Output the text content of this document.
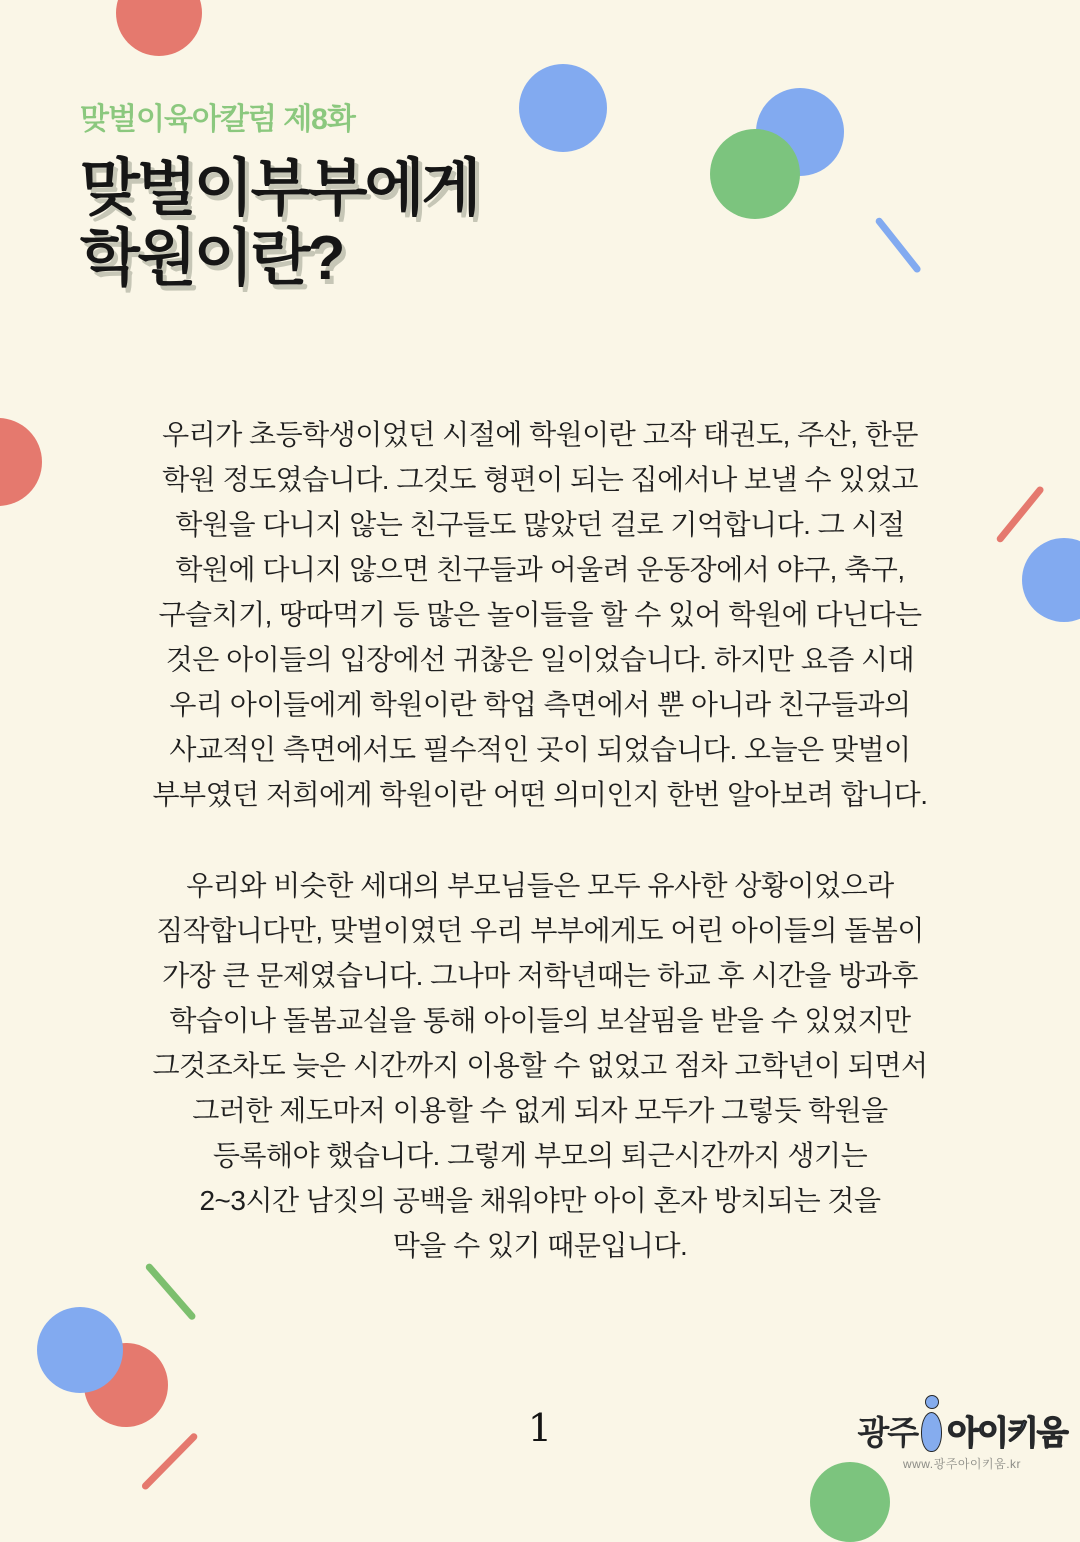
맞벌이육아칼럼 제8화
맞벌이부부에게
학원이란?

우리가 초등학생이었던 시절에 학원이란 고작 태권도, 주산, 한문
학원 정도였습니다. 그것도 형편이 되는 집에서나 보낼 수 있었고
학원을 다니지 않는 친구들도 많았던 걸로 기억합니다. 그 시절
학원에 다니지 않으면 친구들과 어울려 운동장에서 야구, 축구,
구슬치기, 땅따먹기 등 많은 놀이들을 할 수 있어 학원에 다닌다는
것은 아이들의 입장에선 귀찮은 일이었습니다. 하지만 요즘 시대
우리 아이들에게 학원이란 학업 측면에서 뿐 아니라 친구들과의
사교적인 측면에서도 필수적인 곳이 되었습니다. 오늘은 맞벌이
부부였던 저희에게 학원이란 어떤 의미인지 한번 알아보려 합니다.

우리와 비슷한 세대의 부모님들은 모두 유사한 상황이었으라
짐작합니다만, 맞벌이였던 우리 부부에게도 어린 아이들의 돌봄이
가장 큰 문제였습니다. 그나마 저학년때는 하교 후 시간을 방과후
학습이나 돌봄교실을 통해 아이들의 보살핌을 받을 수 있었지만
그것조차도 늦은 시간까지 이용할 수 없었고 점차 고학년이 되면서
그러한 제도마저 이용할 수 없게 되자 모두가 그렇듯 학원을
등록해야 했습니다. 그렇게 부모의 퇴근시간까지 생기는
2~3시간 남짓의 공백을 채워야만 아이 혼자 방치되는 것을
막을 수 있기 때문입니다.

1	광주 아이키움
www.광주아이키움.kr
